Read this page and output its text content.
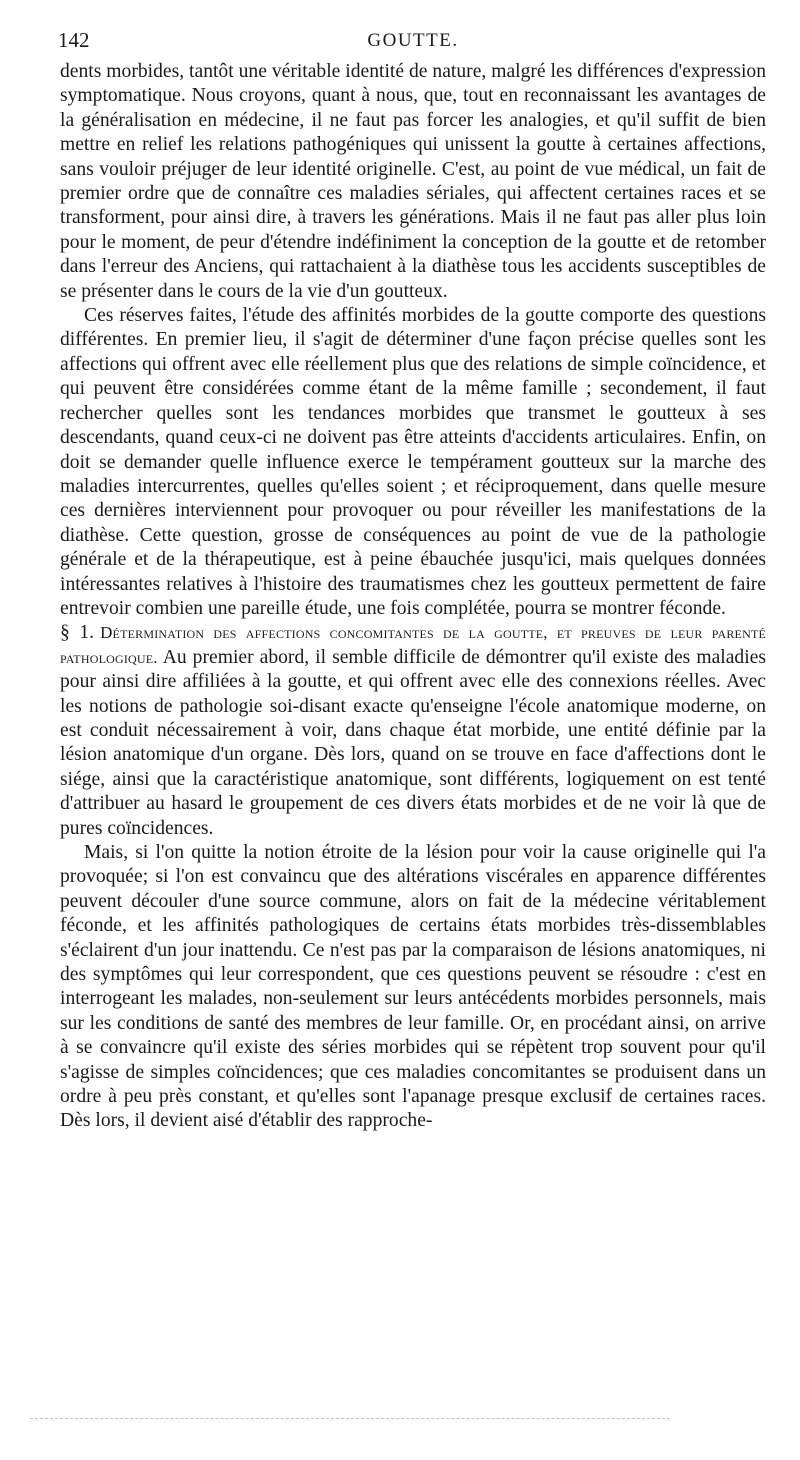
142	GOUTTE.

dents morbides, tantôt une véritable identité de nature, malgré les différences d'expression symptomatique. Nous croyons, quant à nous, que, tout en reconnaissant les avantages de la généralisation en médecine, il ne faut pas forcer les analogies, et qu'il suffit de bien mettre en relief les relations pathogéniques qui unissent la goutte à certaines affections, sans vouloir préjuger de leur identité originelle. C'est, au point de vue médical, un fait de premier ordre que de connaître ces maladies sériales, qui affectent certaines races et se transforment, pour ainsi dire, à travers les générations. Mais il ne faut pas aller plus loin pour le moment, de peur d'étendre indéfiniment la conception de la goutte et de retomber dans l'erreur des Anciens, qui rattachaient à la diathèse tous les accidents susceptibles de se présenter dans le cours de la vie d'un goutteux.

Ces réserves faites, l'étude des affinités morbides de la goutte comporte des questions différentes. En premier lieu, il s'agit de déterminer d'une façon précise quelles sont les affections qui offrent avec elle réellement plus que des relations de simple coïncidence, et qui peuvent être considérées comme étant de la même famille ; secondement, il faut rechercher quelles sont les tendances morbides que transmet le goutteux à ses descendants, quand ceux-ci ne doivent pas être atteints d'accidents articulaires. Enfin, on doit se demander quelle influence exerce le tempérament goutteux sur la marche des maladies intercurrentes, quelles qu'elles soient ; et réciproquement, dans quelle mesure ces dernières interviennent pour provoquer ou pour réveiller les manifestations de la diathèse. Cette question, grosse de conséquences au point de vue de la pathologie générale et de la thérapeutique, est à peine ébauchée jusqu'ici, mais quelques données intéressantes relatives à l'histoire des traumatismes chez les goutteux permettent de faire entrevoir combien une pareille étude, une fois complétée, pourra se montrer féconde.

§ 1. Détermination des affections concomitantes de la goutte, et preuves de leur parenté pathologique. Au premier abord, il semble difficile de démontrer qu'il existe des maladies pour ainsi dire affiliées à la goutte, et qui offrent avec elle des connexions réelles. Avec les notions de pathologie soi-disant exacte qu'enseigne l'école anatomique moderne, on est conduit nécessairement à voir, dans chaque état morbide, une entité définie par la lésion anatomique d'un organe. Dès lors, quand on se trouve en face d'affections dont le siége, ainsi que la caractéristique anatomique, sont différents, logiquement on est tenté d'attribuer au hasard le groupement de ces divers états morbides et de ne voir là que de pures coïncidences.

Mais, si l'on quitte la notion étroite de la lésion pour voir la cause originelle qui l'a provoquée; si l'on est convaincu que des altérations viscérales en apparence différentes peuvent découler d'une source commune, alors on fait de la médecine véritablement féconde, et les affinités pathologiques de certains états morbides très-dissemblables s'éclairent d'un jour inattendu. Ce n'est pas par la comparaison de lésions anatomiques, ni des symptômes qui leur correspondent, que ces questions peuvent se résoudre : c'est en interrogeant les malades, non-seulement sur leurs antécédents morbides personnels, mais sur les conditions de santé des membres de leur famille. Or, en procédant ainsi, on arrive à se convaincre qu'il existe des séries morbides qui se répètent trop souvent pour qu'il s'agisse de simples coïncidences; que ces maladies concomitantes se produisent dans un ordre à peu près constant, et qu'elles sont l'apanage presque exclusif de certaines races. Dès lors, il devient aisé d'établir des rapproche-
